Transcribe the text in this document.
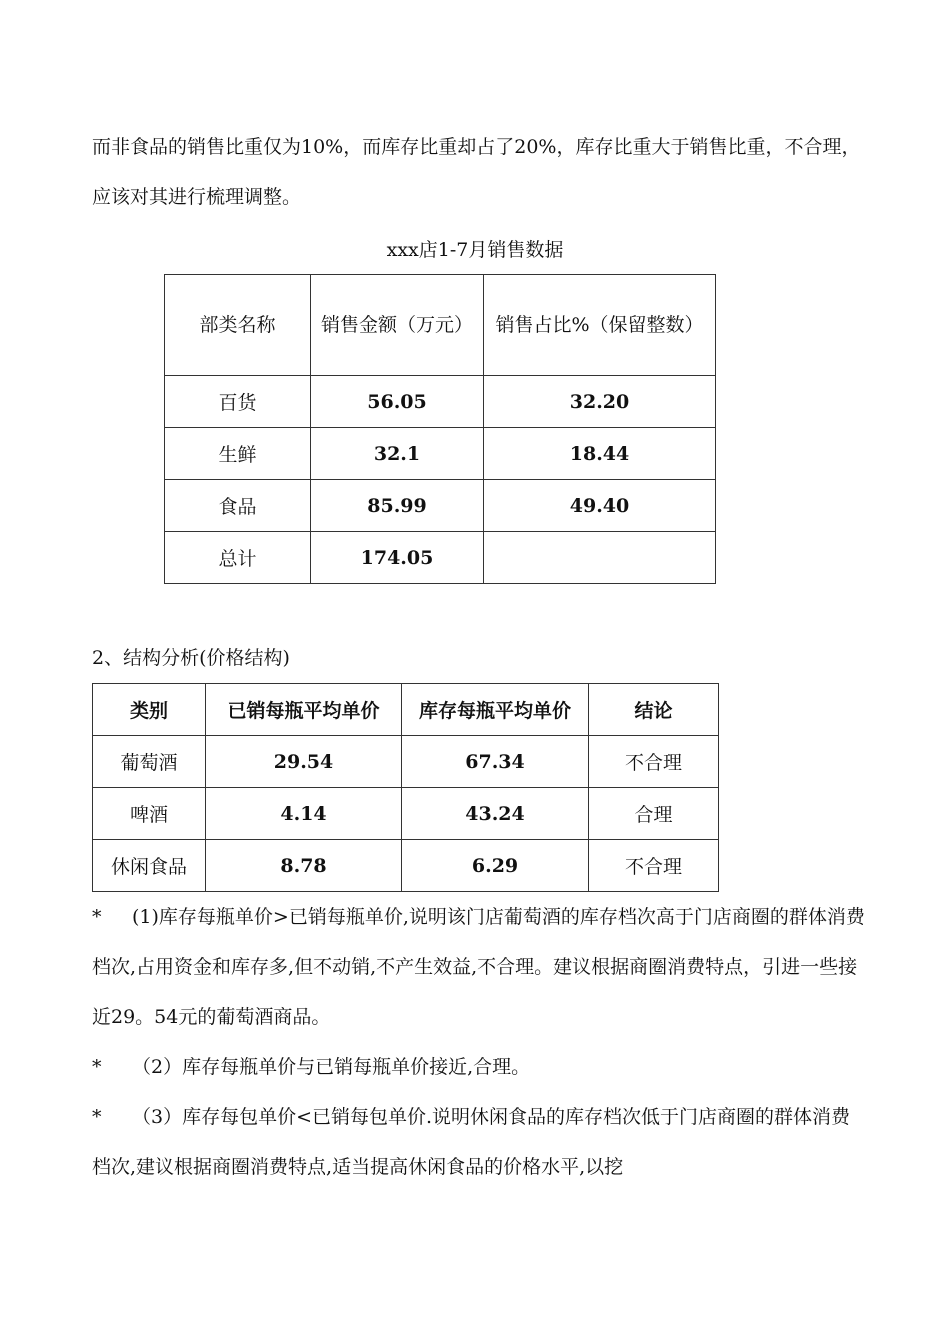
而非食品的销售比重仅为10%，而库存比重却占了20%，库存比重大于销售比重，不合理，应该对其进行梳理调整。

xxx店1-7月销售数据
部类名称	销售金额（万元）	销售占比%（保留整数）
百货	56.05	32.20
生鲜	32.1	18.44
食品	85.99	49.40
总计	174.05	
2、结构分析(价格结构)
类别	已销每瓶平均单价	库存每瓶平均单价	结论
葡萄酒	29.54	67.34	不合理
啤酒	4.14	43.24	合理
休闲食品	8.78	6.29	不合理

* (1)库存每瓶单价>已销每瓶单价,说明该门店葡萄酒的库存档次高于门店商圈的群体消费档次,占用资金和库存多,但不动销,不产生效益,不合理。建议根据商圈消费特点，引进一些接近29。54元的葡萄酒商品。

* （2）库存每瓶单价与已销每瓶单价接近,合理。

* （3）库存每包单价<已销每包单价.说明休闲食品的库存档次低于门店商圈的群体消费档次,建议根据商圈消费特点,适当提高休闲食品的价格水平,以挖
